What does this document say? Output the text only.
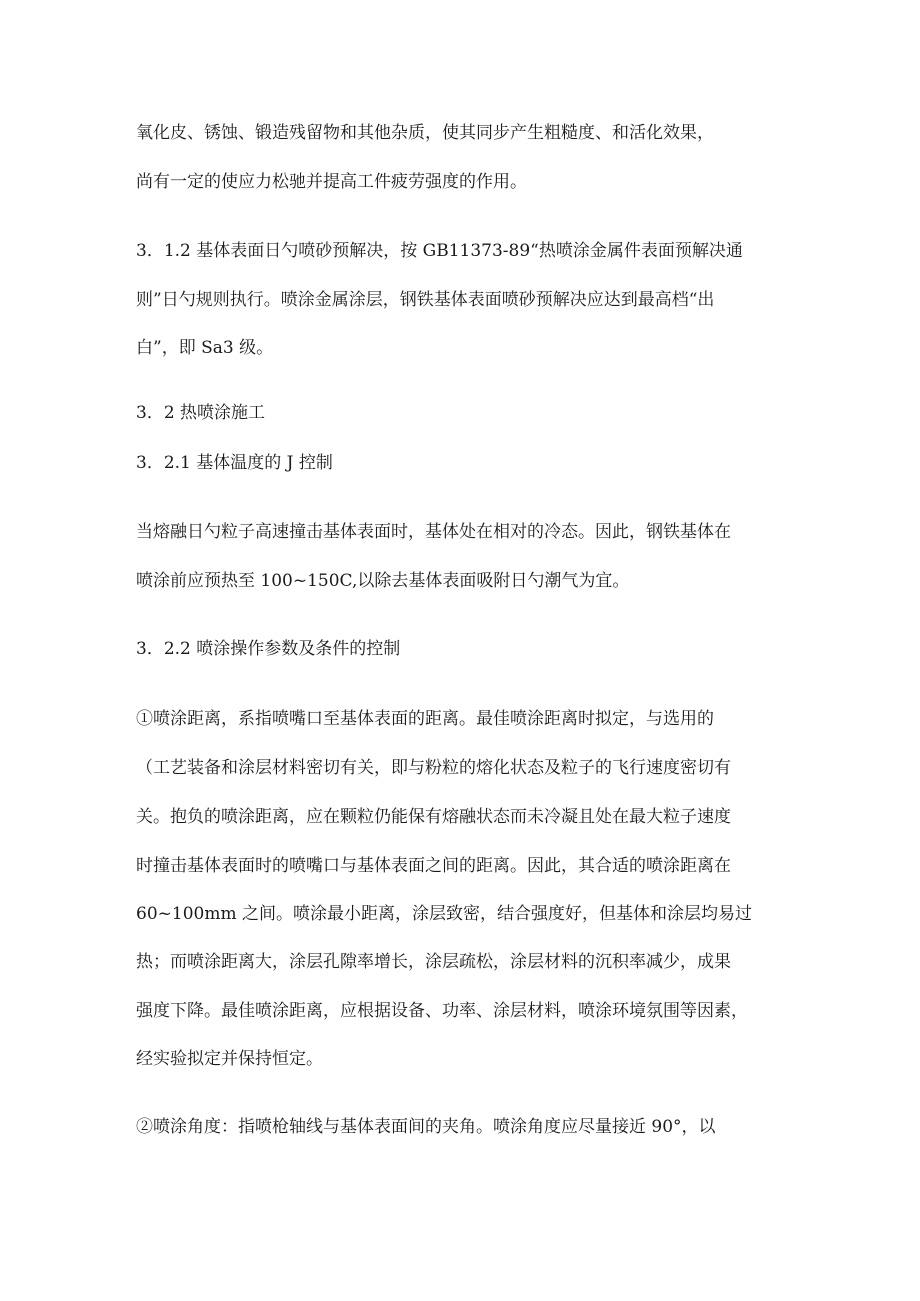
氧化皮、锈蚀、锻造残留物和其他杂质，使其同步产生粗糙度、和活化效果，
尚有一定的使应力松驰并提高工件疲劳强度的作用。
3．1.2 基体表面日勺喷砂预解决，按 GB11373-89“热喷涂金属件表面预解决通
则”日勺规则执行。喷涂金属涂层，钢铁基体表面喷砂预解决应达到最高档“出
白”，即 Sa3 级。
3．2 热喷涂施工
3．2.1 基体温度的 J 控制
当熔融日勺粒子高速撞击基体表面时，基体处在相对的冷态。因此，钢铁基体在
喷涂前应预热至 100~150C,以除去基体表面吸附日勺潮气为宜。
3．2.2 喷涂操作参数及条件的控制
①喷涂距离，系指喷嘴口至基体表面的距离。最佳喷涂距离时拟定，与选用的
（工艺装备和涂层材料密切有关，即与粉粒的熔化状态及粒子的飞行速度密切有
关。抱负的喷涂距离，应在颗粒仍能保有熔融状态而未冷凝且处在最大粒子速度
时撞击基体表面时的喷嘴口与基体表面之间的距离。因此，其合适的喷涂距离在
60~100mm 之间。喷涂最小距离，涂层致密，结合强度好，但基体和涂层均易过
热；而喷涂距离大，涂层孔隙率增长，涂层疏松，涂层材料的沉积率减少，成果
强度下降。最佳喷涂距离，应根据设备、功率、涂层材料，喷涂环境氛围等因素，
经实验拟定并保持恒定。
②喷涂角度：指喷枪轴线与基体表面间的夹角。喷涂角度应尽量接近 90°，以
